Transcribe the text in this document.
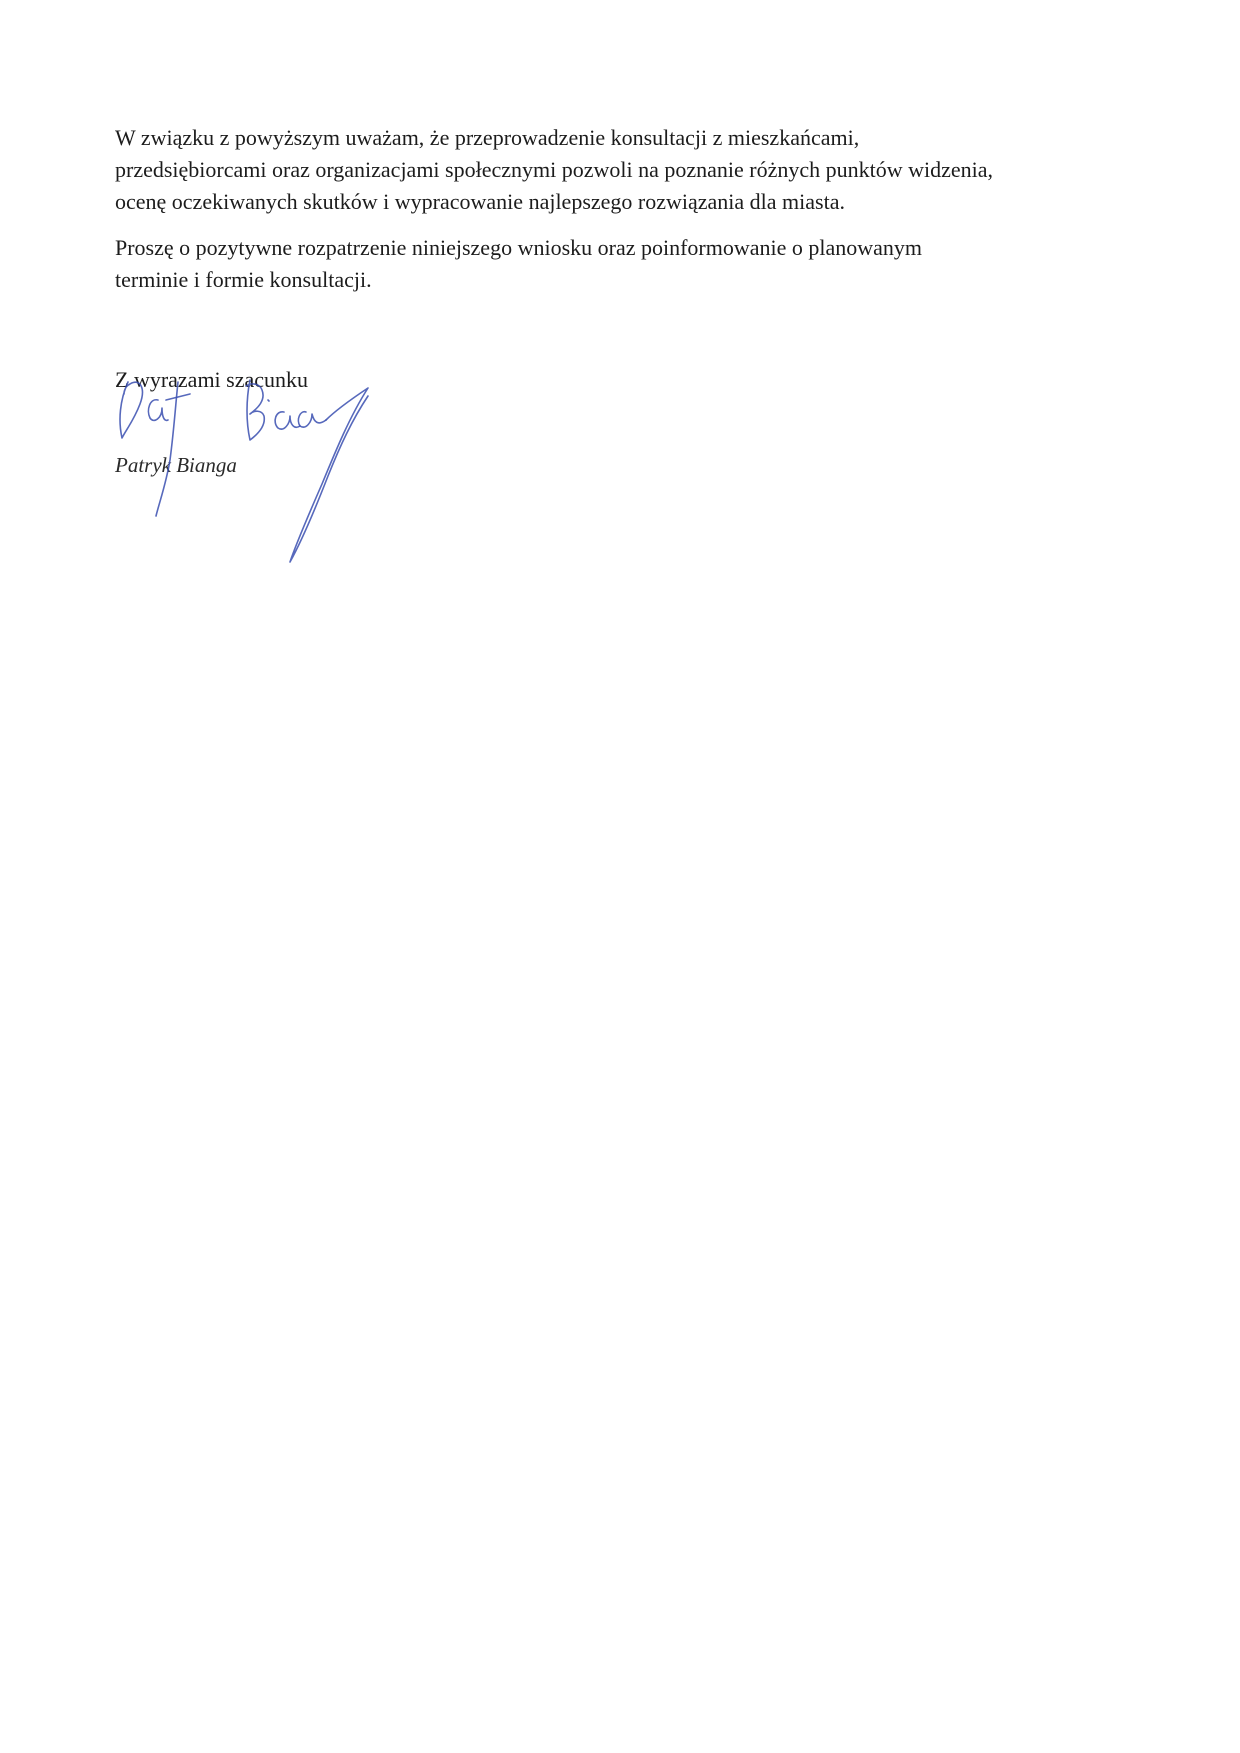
W związku z powyższym uważam, że przeprowadzenie konsultacji z mieszkańcami,
przedsiębiorcami oraz organizacjami społecznymi pozwoli na poznanie różnych punktów widzenia,
ocenę oczekiwanych skutków i wypracowanie najlepszego rozwiązania dla miasta.

Proszę o pozytywne rozpatrzenie niniejszego wniosku oraz poinformowanie o planowanym
terminie i formie konsultacji.

Z wyrazami szacunku

Patryk Bianga
